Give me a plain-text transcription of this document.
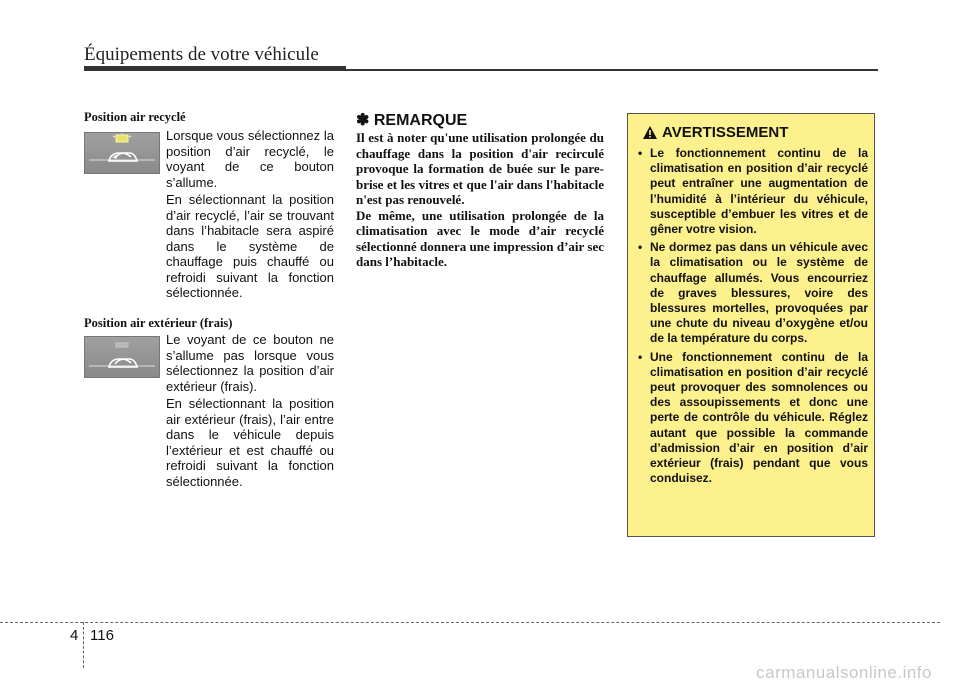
Équipements de votre véhicule
Position air recyclé

Lorsque vous sélectionnez la position d’air recyclé, le voyant de ce bouton s’allume.

En sélectionnant la position d’air recyclé, l’air se trouvant dans l’habitacle sera aspiré dans le système de chauffage puis chauffé ou refroidi suivant la fonction sélectionnée.

Position air extérieur (frais)

Le voyant de ce bouton ne s’allume pas lorsque vous sélectionnez la position d’air extérieur (frais).

En sélectionnant la position air extérieur (frais), l’air entre dans le véhicule depuis l’extérieur et est chauffé ou refroidi suivant la fonction sélectionnée.

✽ REMARQUE
Il est à noter qu'une utilisation prolongée du chauffage dans la position d'air recirculé provoque la formation de buée sur le pare-brise et les vitres et que l'air dans l'habitacle n'est pas renouvelé.
De même, une utilisation prolongée de la climatisation avec le mode d’air recyclé sélectionné donnera une impression d’air sec dans l’habitacle.
AVERTISSEMENT
• Le fonctionnement continu de la climatisation en position d’air recyclé peut entraîner une augmentation de l’humidité à l’intérieur du véhicule, susceptible d’embuer les vitres et de gêner votre vision.
• Ne dormez pas dans un véhicule avec la climatisation ou le système de chauffage allumés. Vous encourriez de graves blessures, voire des blessures mortelles, provoquées par une chute du niveau d’oxygène et/ou de la température du corps.
• Une fonctionnement continu de la climatisation en position d’air recyclé peut provoquer des somnolences ou des assoupissements et donc une perte de contrôle du véhicule. Réglez autant que possible la commande d’admission d’air en position d’air extérieur (frais) pendant que vous conduisez.
4 116
carmanualsonline.info
